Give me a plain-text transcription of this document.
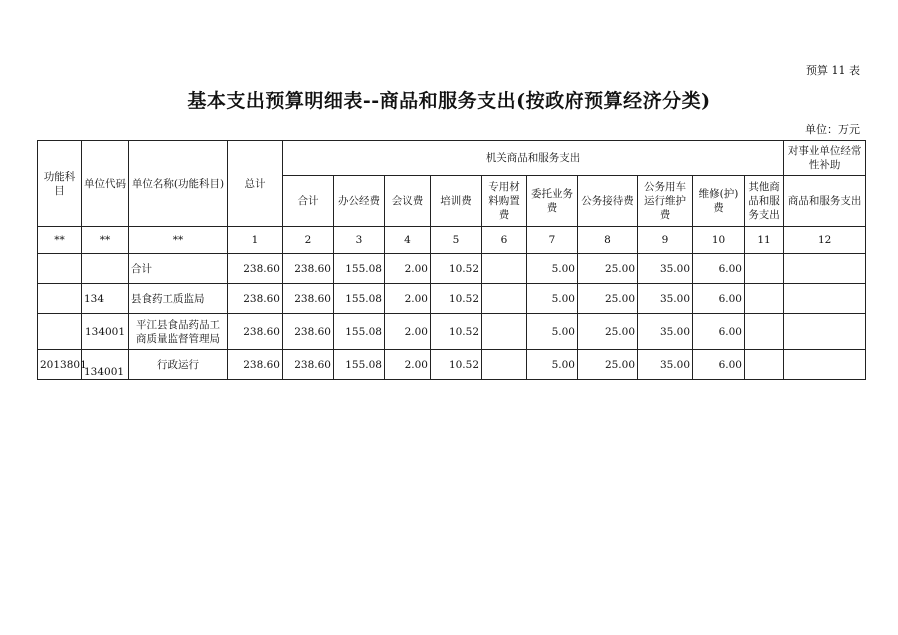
预算 11 表
基本支出预算明细表--商品和服务支出(按政府预算经济分类)
单位：万元
功能科目	单位代码	单位名称(功能科目)	总计	机关商品和服务支出										对事业单位经常性补助
				合计	办公经费	会议费	培训费	专用材料购置费	委托业务费	公务接待费	公务用车运行维护费	维修(护)费	其他商品和服务支出	商品和服务支出
**	**	**	1	2	3	4	5	6	7	8	9	10	11	12
		合计	238.60	238.60	155.08	2.00	10.52		5.00	25.00	35.00	6.00		
	134	县食药工质监局	238.60	238.60	155.08	2.00	10.52		5.00	25.00	35.00	6.00		
	134001	平江县食品药品工商质量监督管理局	238.60	238.60	155.08	2.00	10.52		5.00	25.00	35.00	6.00		
2013801	134001	行政运行	238.60	238.60	155.08	2.00	10.52		5.00	25.00	35.00	6.00		
